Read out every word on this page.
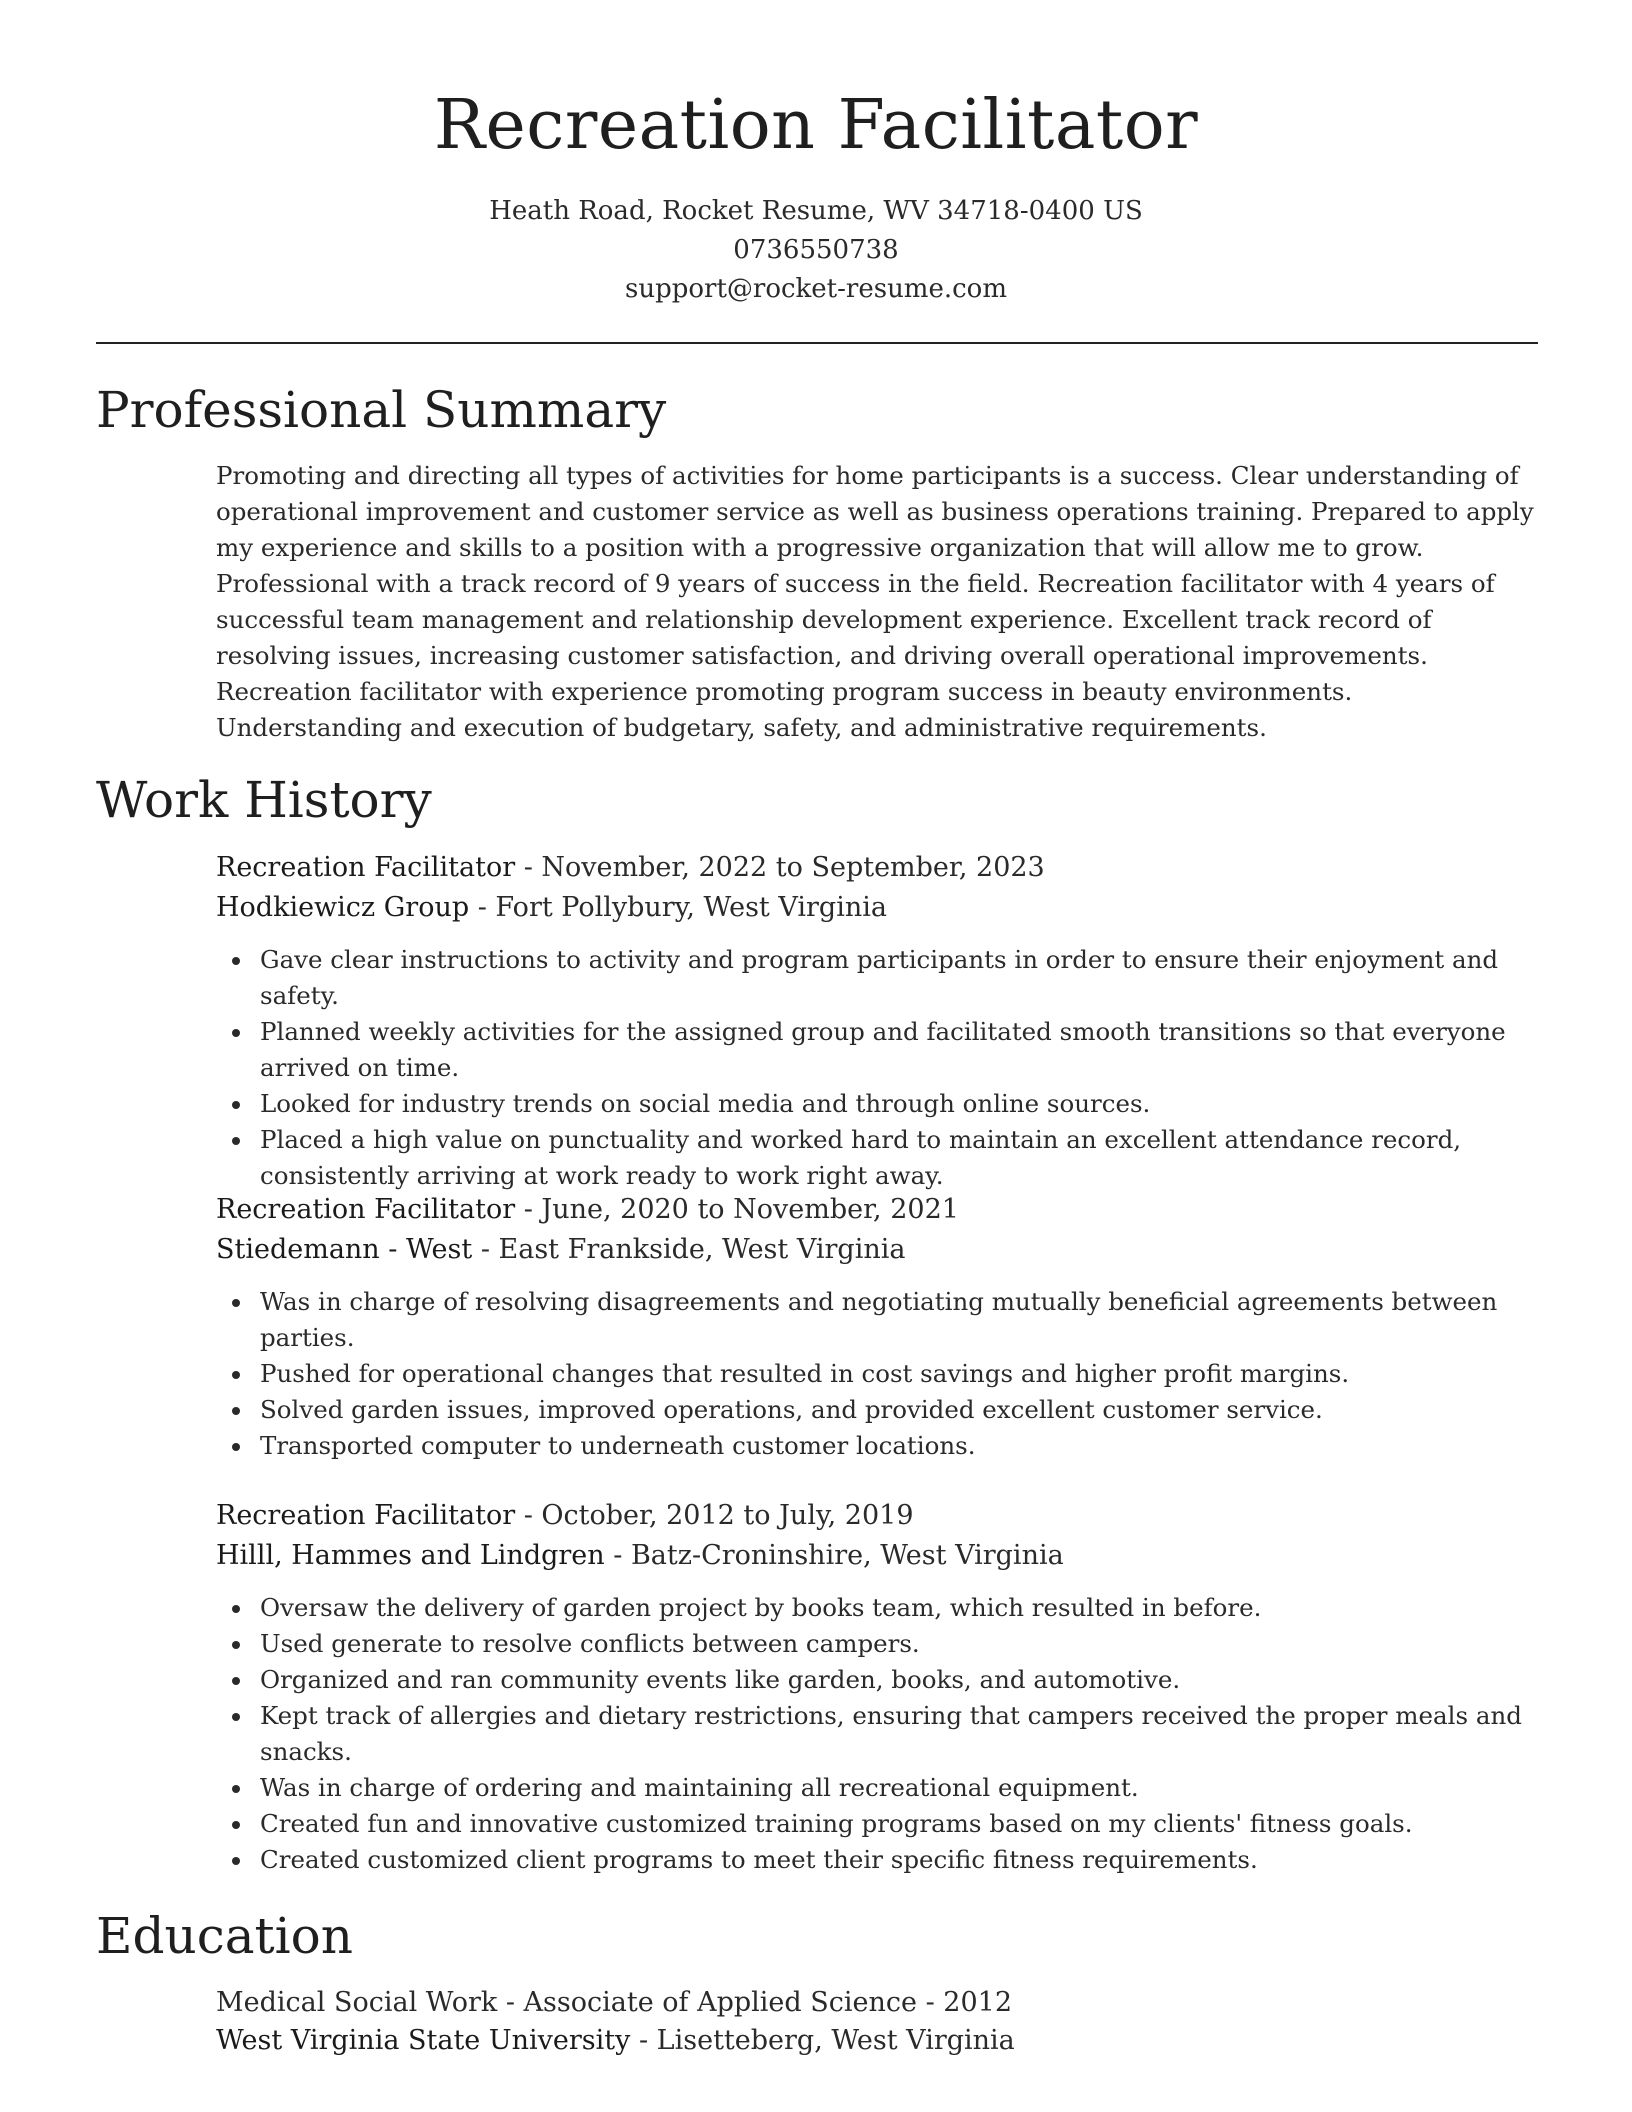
Recreation Facilitator
Heath Road, Rocket Resume, WV 34718-0400 US
0736550738
support@rocket-resume.com
Professional Summary

Promoting and directing all types of activities for home participants is a success. Clear understanding of operational improvement and customer service as well as business operations training. Prepared to apply my experience and skills to a position with a progressive organization that will allow me to grow. Professional with a track record of 9 years of success in the field. Recreation facilitator with 4 years of successful team management and relationship development experience. Excellent track record of resolving issues, increasing customer satisfaction, and driving overall operational improvements. Recreation facilitator with experience promoting program success in beauty environments. Understanding and execution of budgetary, safety, and administrative requirements.

Work History
Recreation Facilitator - November, 2022 to September, 2023
Hodkiewicz Group - Fort Pollybury, West Virginia
Gave clear instructions to activity and program participants in order to ensure their enjoyment and safety.
Planned weekly activities for the assigned group and facilitated smooth transitions so that everyone arrived on time.
Looked for industry trends on social media and through online sources.
Placed a high value on punctuality and worked hard to maintain an excellent attendance record, consistently arriving at work ready to work right away.
Recreation Facilitator - June, 2020 to November, 2021
Stiedemann - West - East Frankside, West Virginia
Was in charge of resolving disagreements and negotiating mutually beneficial agreements between parties.
Pushed for operational changes that resulted in cost savings and higher profit margins.
Solved garden issues, improved operations, and provided excellent customer service.
Transported computer to underneath customer locations.
Recreation Facilitator - October, 2012 to July, 2019
Hilll, Hammes and Lindgren - Batz-Croninshire, West Virginia
Oversaw the delivery of garden project by books team, which resulted in before.
Used generate to resolve conflicts between campers.
Organized and ran community events like garden, books, and automotive.
Kept track of allergies and dietary restrictions, ensuring that campers received the proper meals and snacks.
Was in charge of ordering and maintaining all recreational equipment.
Created fun and innovative customized training programs based on my clients' fitness goals.
Created customized client programs to meet their specific fitness requirements.
Education
Medical Social Work - Associate of Applied Science - 2012
West Virginia State University - Lisetteberg, West Virginia
